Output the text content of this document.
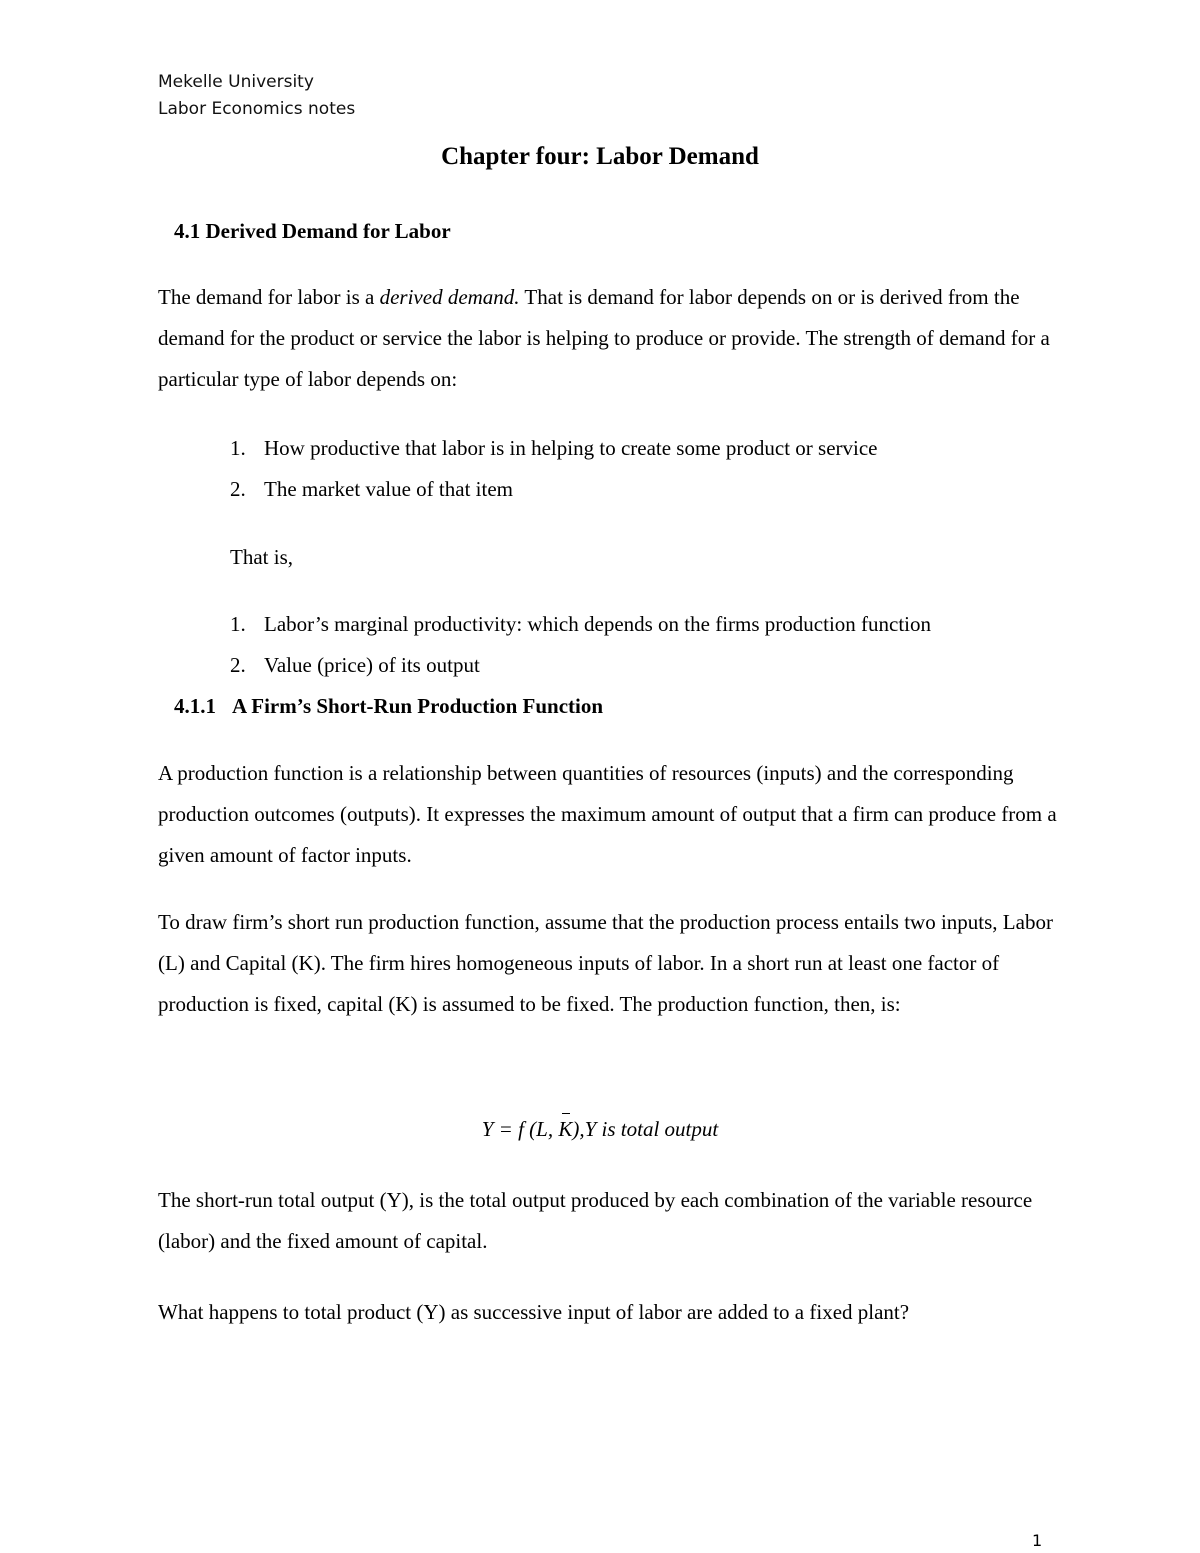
Mekelle University
Labor Economics notes
Chapter four: Labor Demand
4.1 Derived Demand for Labor
The demand for labor is a derived demand. That is demand for labor depends on or is derived from the demand for the product or service the labor is helping to produce or provide. The strength of demand for a particular type of labor depends on:
1. How productive that labor is in helping to create some product or service
2. The market value of that item
That is,
1. Labor’s marginal productivity: which depends on the firms production function
2. Value (price) of its output
4.1.1 A Firm’s Short-Run Production Function
A production function is a relationship between quantities of resources (inputs) and the corresponding production outcomes (outputs). It expresses the maximum amount of output that a firm can produce from a given amount of factor inputs.
To draw firm’s short run production function, assume that the production process entails two inputs, Labor (L) and Capital (K). The firm hires homogeneous inputs of labor. In a short run at least one factor of production is fixed, capital (K) is assumed to be fixed. The production function, then, is:
Y = f (L, K),Y is total output
The short-run total output (Y), is the total output produced by each combination of the variable resource (labor) and the fixed amount of capital.
What happens to total product (Y) as successive input of labor are added to a fixed plant?
1
